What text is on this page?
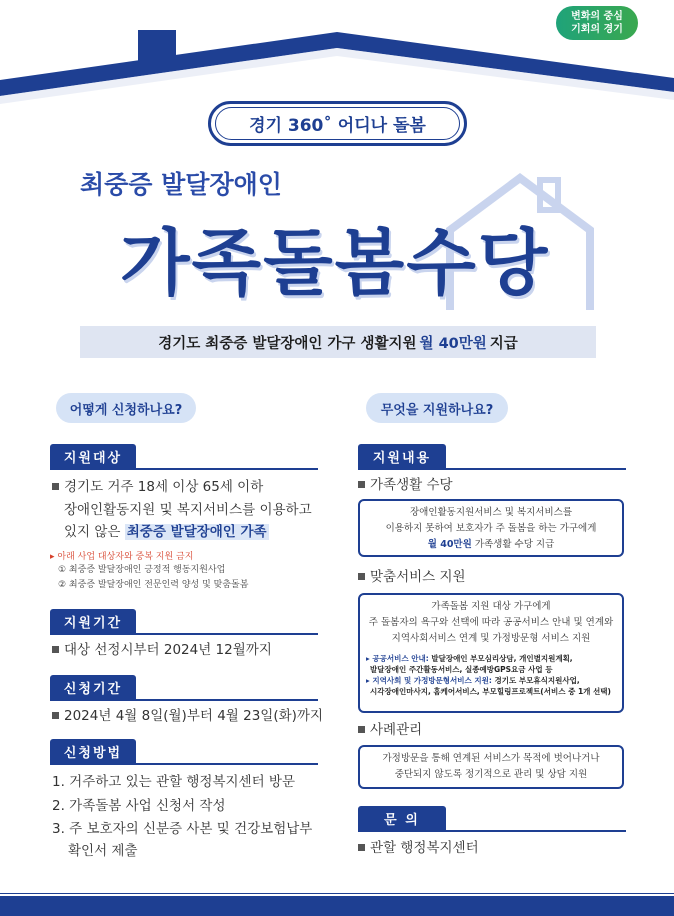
변화의 중심
기회의 경기
경기 360˚ 어디나 돌봄
최중증 발달장애인
가족돌봄수당
경기도 최중증 발달장애인 가구 생활지원 월 40만원 지급
어떻게 신청하나요?
지원대상
경기도 거주 18세 이상 65세 이하
장애인활동지원 및 복지서비스를 이용하고
있지 않은 최중증 발달장애인 가족
▸ 아래 사업 대상자와 중복 지원 금지
① 최중증 발달장애인 긍정적 행동지원사업
② 최중증 발달장애인 전문인력 양성 및 맞춤돌봄
지원기간
대상 선정시부터 2024년 12월까지
신청기간
2024년 4월 8일(월)부터 4월 23일(화)까지
신청방법
1. 거주하고 있는 관할 행정복지센터 방문
2. 가족돌봄 사업 신청서 작성
3. 주 보호자의 신분증 사본 및 건강보험납부
확인서 제출
무엇을 지원하나요?
지원내용
가족생활 수당
장애인활동지원서비스 및 복지서비스를
이용하지 못하여 보호자가 주 돌봄을 하는 가구에게
월 40만원 가족생활 수당 지급
맞춤서비스 지원
가족돌봄 지원 대상 가구에게
주 돌봄자의 욕구와 선택에 따라 공공서비스 안내 및 연계와
지역사회서비스 연계 및 가정방문형 서비스 지원
▸ 공공서비스 안내: 발달장애인 부모심리상담, 개인별지원계획,
발달장애인 주간활동서비스, 실종예방GPS요금 사업 등
▸ 지역사회 및 가정방문형서비스 지원: 경기도 부모휴식지원사업,
시각장애인마사지, 홈케어서비스, 부모힐링프로젝트(서비스 중 1개 선택)
사례관리
가정방문을 통해 연계된 서비스가 목적에 벗어나거나
중단되지 않도록 정기적으로 관리 및 상담 지원
문 의
관할 행정복지센터
